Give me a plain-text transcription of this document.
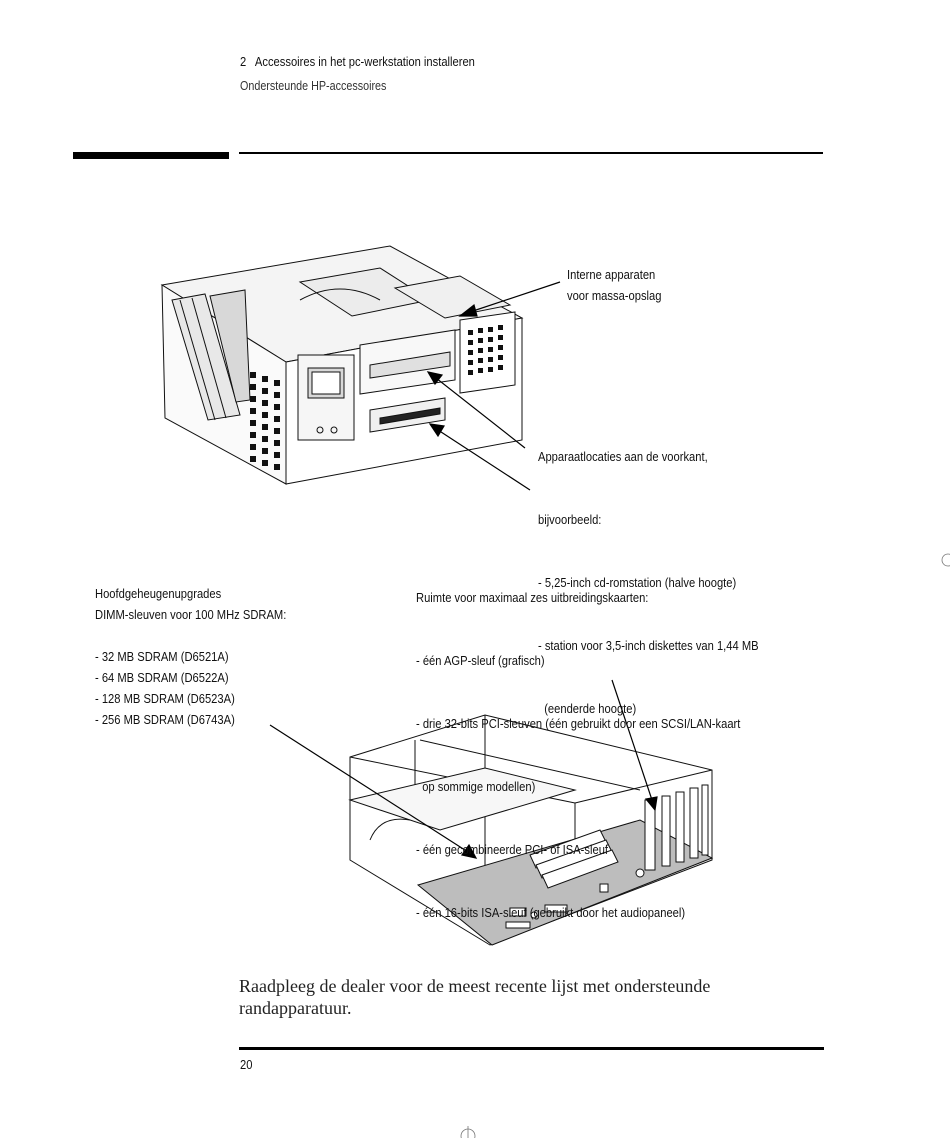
2   Accessoires in het pc-werkstation installeren
Ondersteunde HP-accessoires
Interne apparaten
voor massa-opslag

Apparaatlocaties aan de voorkant,

bijvoorbeeld:

- 5,25-inch cd-romstation (halve hoogte)

- station voor 3,5-inch diskettes van 1,44 MB

(eenderde hoogte)

Ruimte voor maximaal zes uitbreidingskaarten:

- één AGP-sleuf (grafisch)

- drie 32-bits PCI-sleuven (één gebruikt door een SCSI/LAN-kaart

op sommige modellen)

- één gecombineerde PCI- of ISA-sleuf

- één 16-bits ISA-sleuf (gebruikt door het audiopaneel)

Hoofdgeheugenupgrades
DIMM-sleuven voor 100 MHz SDRAM:
- 32 MB SDRAM (D6521A)
- 64 MB SDRAM (D6522A)
- 128 MB SDRAM (D6523A)
- 256 MB SDRAM (D6743A)
Raadpleeg de dealer voor de meest recente lijst met ondersteunde randapparatuur.
20
